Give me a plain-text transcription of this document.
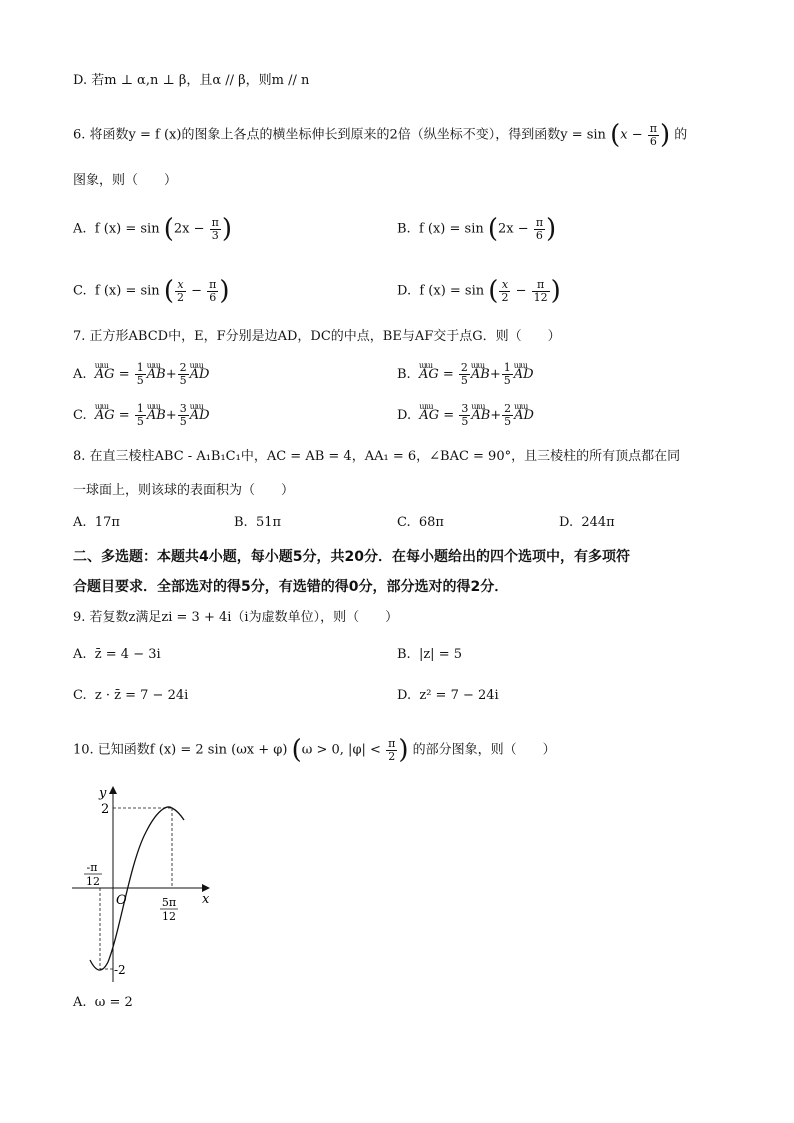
D. 若m ⊥ α,n ⊥ β，且α // β，则m // n
6. 将函数y = f (x)的图象上各点的横坐标伸长到原来的2倍（纵坐标不变），得到函数$y = \sin (x - \frac{\pi}{6}$ ) 的
图象，则（　　）
A. f $(x) = \sin (2x - \frac{\pi}{3}$ )	B. f $(x) = \sin (2x - \frac{\pi}{6}$ )
C. f (x) = sin ( $\frac{x}{2} - \frac{\pi}{6}$ )	D. f (x) = sin ( $\frac{x}{2} - \frac{\pi}{12}$ )
7. 正方形ABCD中，E，F分别是边AD，DC的中点，BE与AF交于点G．则（　　）
A. ɯɯ AG = $\frac{1}{5}$ ɯɯ $AB+ \frac{2}{5}$ ɯɯ AD	B. ɯɯ AG = $\frac{2}{5}$ ɯɯ $AB+ \frac{1}{5}$ ɯɯ AD
C. ɯɯ AG = $\frac{1}{5}$ ɯɯ $AB+ \frac{3}{5}$ ɯɯ AD	D. ɯɯ AG = $\frac{3}{5}$ ɯɯ $AB+ \frac{2}{5}$ ɯɯ AD
8. 在直三棱柱ABC - A₁B₁C₁中，AC = AB = 4，AA₁ = 6，∠BAC = 90°，且三棱柱的所有顶点都在同
一球面上，则该球的表面积为（　　）
A. 17π	B. 51π	C. 68π	D. 244π
二、多选题：本题共4小题，每小题5分，共20分．在每小题给出的四个选项中，有多项符
合题目要求．全部选对的得5分，有选错的得0分，部分选对的得2分．
9. 若复数z满足zi = 3 + 4i（i为虚数单位），则（　　）
A. z̄ = 4 − 3i	B. |z| = 5
C. z · z̄ = 7 − 24i	D. z² = 7 − 24i
10. 已知函数f (x) = 2 sin (ωx + φ) (ω > 0, $|\varphi| < \frac{\pi}{2}$ ) 的部分图象，则（　　）
y
x
O
2
-2
-π
12
5π
12
A. ω = 2
